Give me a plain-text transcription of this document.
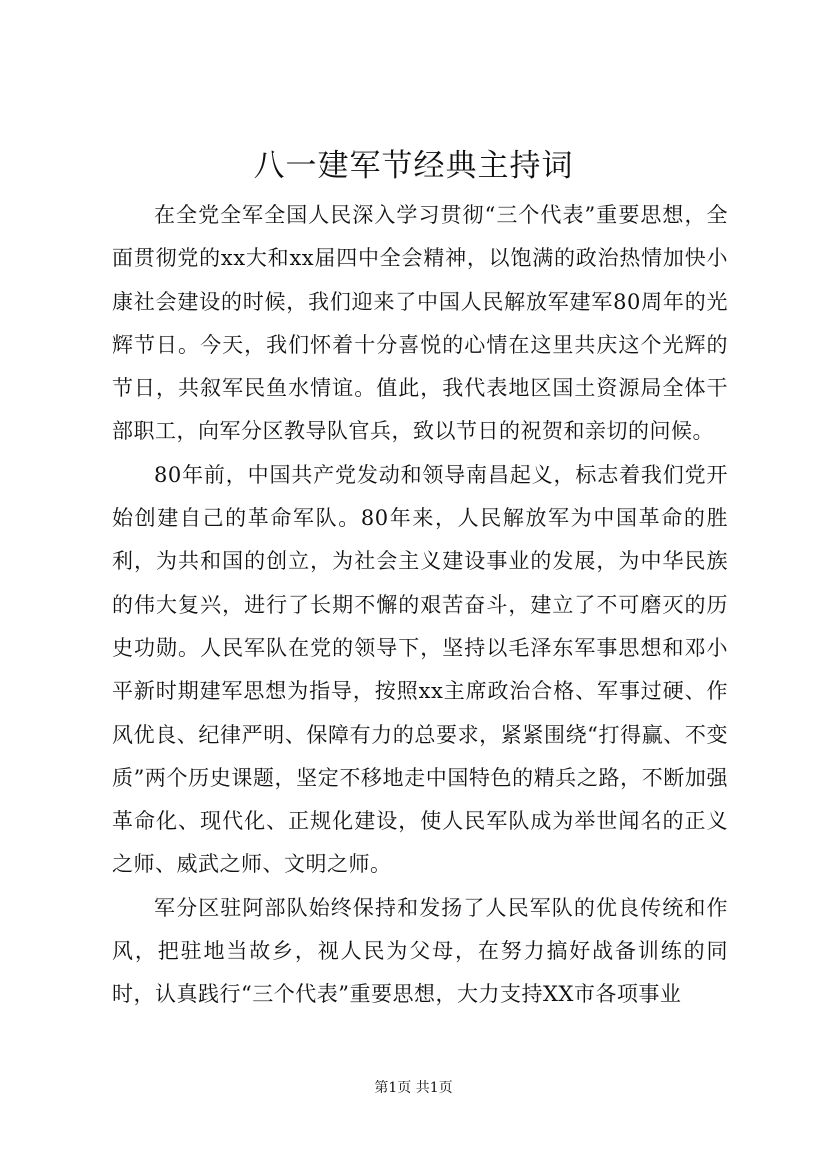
八一建军节经典主持词

在全党全军全国人民深入学习贯彻“三个代表”重要思想，全面贯彻党的xx大和xx届四中全会精神，以饱满的政治热情加快小康社会建设的时候，我们迎来了中国人民解放军建军80周年的光辉节日。今天，我们怀着十分喜悦的心情在这里共庆这个光辉的节日，共叙军民鱼水情谊。值此，我代表地区国土资源局全体干部职工，向军分区教导队官兵，致以节日的祝贺和亲切的问候。

80年前，中国共产党发动和领导南昌起义，标志着我们党开始创建自己的革命军队。80年来，人民解放军为中国革命的胜利，为共和国的创立，为社会主义建设事业的发展，为中华民族的伟大复兴，进行了长期不懈的艰苦奋斗，建立了不可磨灭的历史功勋。人民军队在党的领导下，坚持以毛泽东军事思想和邓小平新时期建军思想为指导，按照xx主席政治合格、军事过硬、作风优良、纪律严明、保障有力的总要求，紧紧围绕“打得赢、不变质”两个历史课题，坚定不移地走中国特色的精兵之路，不断加强革命化、现代化、正规化建设，使人民军队成为举世闻名的正义之师、威武之师、文明之师。

军分区驻阿部队始终保持和发扬了人民军队的优良传统和作风，把驻地当故乡，视人民为父母，在努力搞好战备训练的同时，认真践行“三个代表”重要思想，大力支持XX市各项事业

第1页 共1页
